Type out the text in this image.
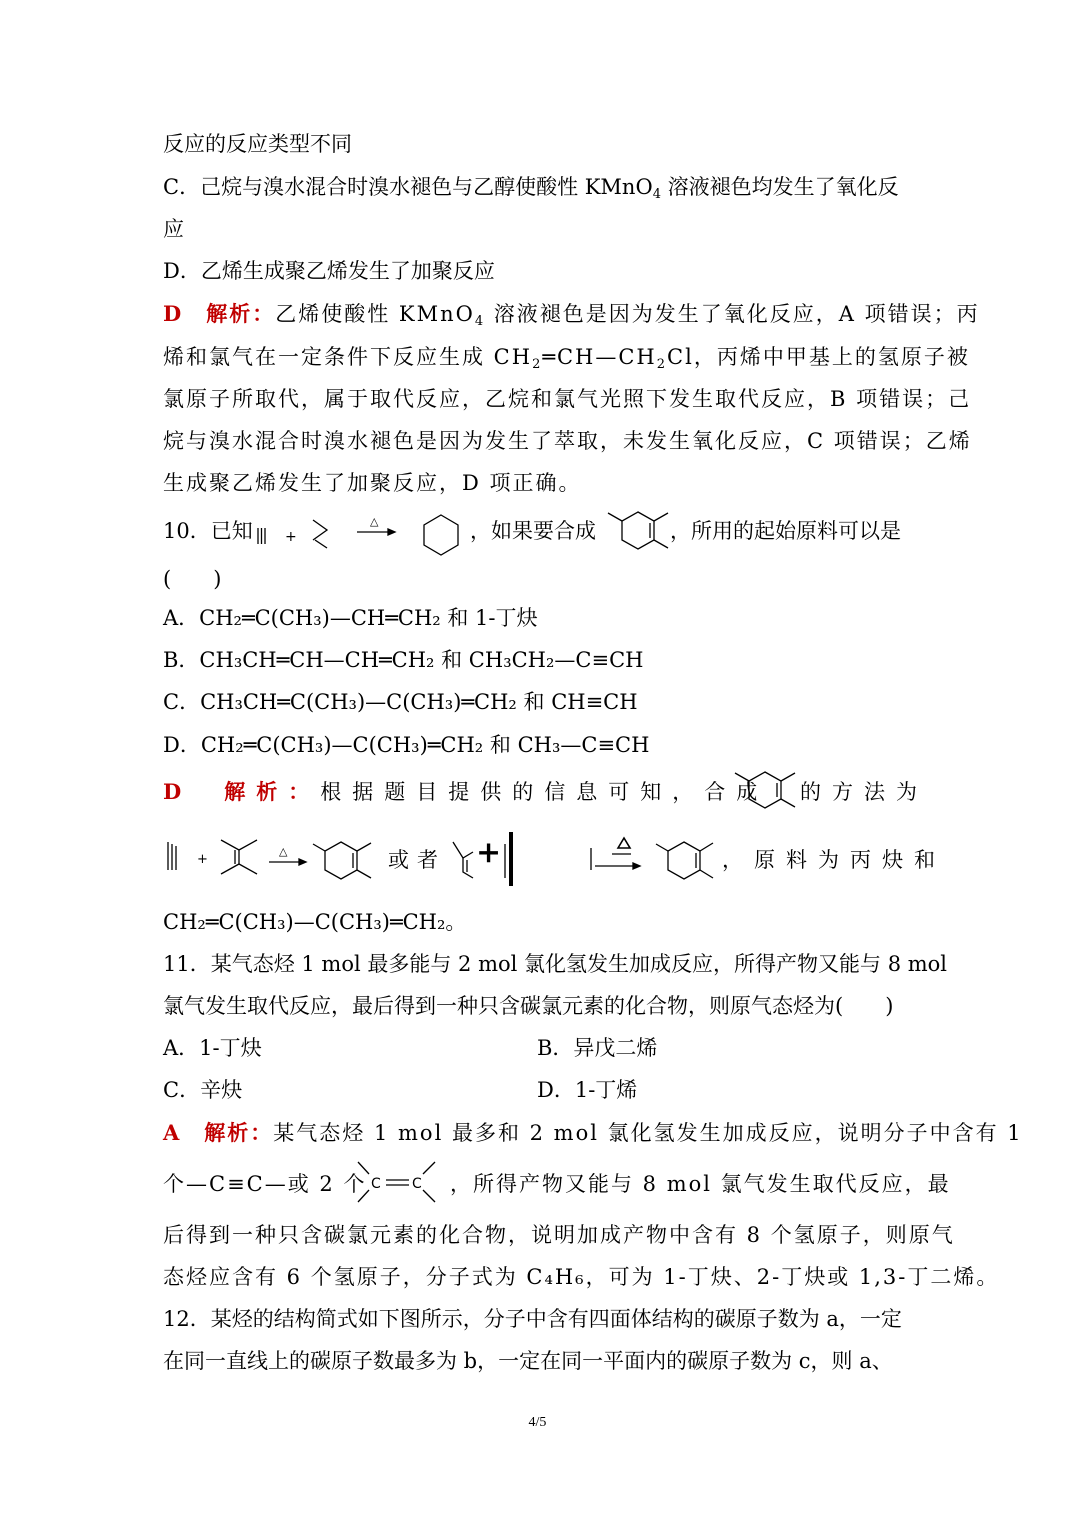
反应的反应类型不同
C．己烷与溴水混合时溴水褪色与乙醇使酸性 KMnO$_4$ 溶液褪色均发生了氧化反
应
D．乙烯生成聚乙烯发生了加聚反应
D　 解析：乙烯使酸性 KMnO$_4$ 溶液褪色是因为发生了氧化反应，A 项错误；丙
烯和氯气在一定条件下反应生成 $CH_2═CH—CH_2Cl$，丙烯中甲基上的氢原子被
氯原子所取代，属于取代反应，乙烷和氯气光照下发生取代反应，B 项错误；己
烷与溴水混合时溴水褪色是因为发生了萃取，未发生氧化反应，C 项错误；乙烯
生成聚乙烯发生了加聚反应，D 项正确。
10．已知 +
△	，如果要合成	，所用的起始原料可以是
(　　)
A．CH₂═C(CH₃)—CH═CH₂ 和 1-丁炔
B．CH₃CH═CH—CH═CH₂ 和 CH₃CH₂—C≡CH
C．CH₃CH═C(CH₃)—C(CH₃)═CH₂ 和 CH≡CH
D．CH₂═C(CH₃)—C(CH₃)═CH₂ 和 CH₃—C≡CH
D　 解析：根据题目提供的信息可知，合成 的方法为
+
△	或者 +	，原料为丙炔和
CH₂═C(CH₃)—C(CH₃)═CH₂。
11．某气态烃 1 mol 最多能与 2 mol 氯化氢发生加成反应，所得产物又能与 8 mol
氯气发生取代反应，最后得到一种只含碳氯元素的化合物，则原气态烃为(　　)
A．1-丁炔	B．异戊二烯
C．辛炔	D．1-丁烯
A　 解析：某气态烃 1 mol 最多和 2 mol 氯化氢发生加成反应，说明分子中含有 1
个—C≡C—或 2 个 C C ，所得产物又能与 8 mol 氯气发生取代反应，最
后得到一种只含碳氯元素的化合物，说明加成产物中含有 8 个氢原子，则原气
态烃应含有 6 个氢原子，分子式为 C₄H₆，可为 1-丁炔、2-丁炔或 1,3-丁二烯。
12．某烃的结构简式如下图所示，分子中含有四面体结构的碳原子数为 a，一定
在同一直线上的碳原子数最多为 b，一定在同一平面内的碳原子数为 c，则 a、
4/5
